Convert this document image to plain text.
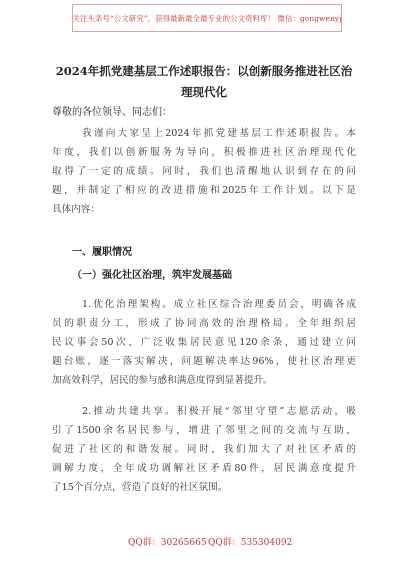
关注头条号“公文研究”，获得最新最全最专业的公文资料库！ 微信：gongwenyj
2024年抓党建基层工作述职报告：以创新服务推进社区治
理现代化
尊敬的各位领导、同志们：
我谨向大家呈上2024年抓党建基层工作述职报告。本
年度，我们以创新服务为导向，积极推进社区治理现代化
取得了一定的成绩。同时，我们也清醒地认识到存在的问
题，并制定了相应的改进措施和2025年工作计划。以下是
具体内容：
一、履职情况
（一）强化社区治理，筑牢发展基础
1.优化治理架构。成立社区综合治理委员会，明确各成
员的职责分工，形成了协同高效的治理格局。全年组织居
民议事会50次，广泛收集居民意见120余条，通过建立问
题台账，逐一落实解决，问题解决率达96%，使社区治理更
加高效科学，居民的参与感和满意度得到显著提升。
2.推动共建共享。积极开展“邻里守望”志愿活动，吸
引了1500余名居民参与，增进了邻里之间的交流与互助，
促进了社区的和谐发展。同时，我们加大了对社区矛盾的
调解力度，全年成功调解社区矛盾80件，居民满意度提升
了15个百分点，营造了良好的社区氛围。
QQ群：30265665 QQ群：535304092
